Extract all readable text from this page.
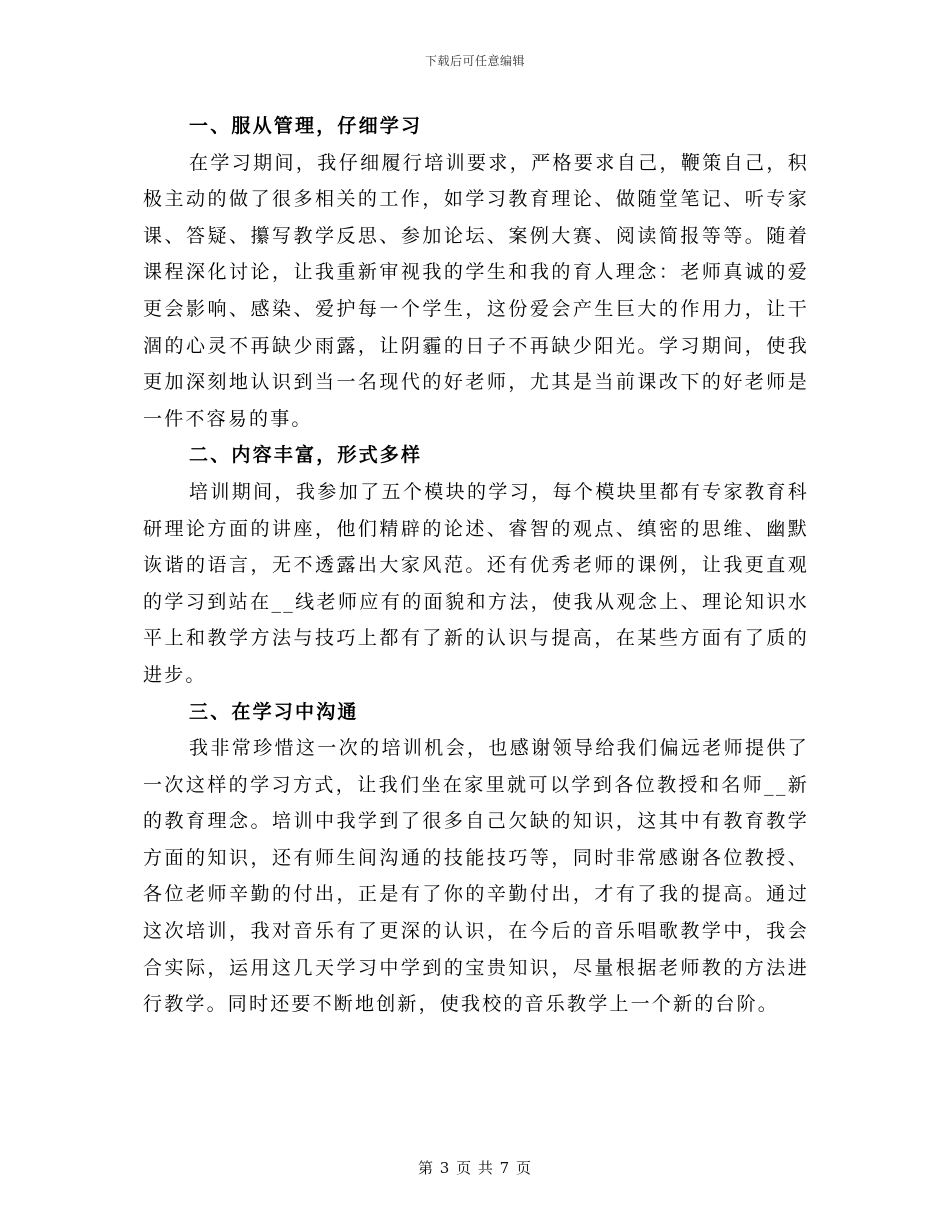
下载后可任意编辑
一、服从管理，仔细学习

在学习期间，我仔细履行培训要求，严格要求自己，鞭策自己，积极主动的做了很多相关的工作，如学习教育理论、做随堂笔记、听专家课、答疑、攥写教学反思、参加论坛、案例大赛、阅读简报等等。随着课程深化讨论，让我重新审视我的学生和我的育人理念：老师真诚的爱更会影响、感染、爱护每一个学生，这份爱会产生巨大的作用力，让干涸的心灵不再缺少雨露，让阴霾的日子不再缺少阳光。学习期间，使我更加深刻地认识到当一名现代的好老师，尤其是当前课改下的好老师是一件不容易的事。

二、内容丰富，形式多样

培训期间，我参加了五个模块的学习，每个模块里都有专家教育科研理论方面的讲座，他们精辟的论述、睿智的观点、缜密的思维、幽默诙谐的语言，无不透露出大家风范。还有优秀老师的课例，让我更直观的学习到站在__线老师应有的面貌和方法，使我从观念上、理论知识水平上和教学方法与技巧上都有了新的认识与提高，在某些方面有了质的进步。

三、在学习中沟通

我非常珍惜这一次的培训机会，也感谢领导给我们偏远老师提供了一次这样的学习方式，让我们坐在家里就可以学到各位教授和名师__新的教育理念。培训中我学到了很多自己欠缺的知识，这其中有教育教学方面的知识，还有师生间沟通的技能技巧等，同时非常感谢各位教授、各位老师辛勤的付出，正是有了你的辛勤付出，才有了我的提高。通过这次培训，我对音乐有了更深的认识，在今后的音乐唱歌教学中，我会合实际，运用这几天学习中学到的宝贵知识，尽量根据老师教的方法进行教学。同时还要不断地创新，使我校的音乐教学上一个新的台阶。

第 3 页 共 7 页
